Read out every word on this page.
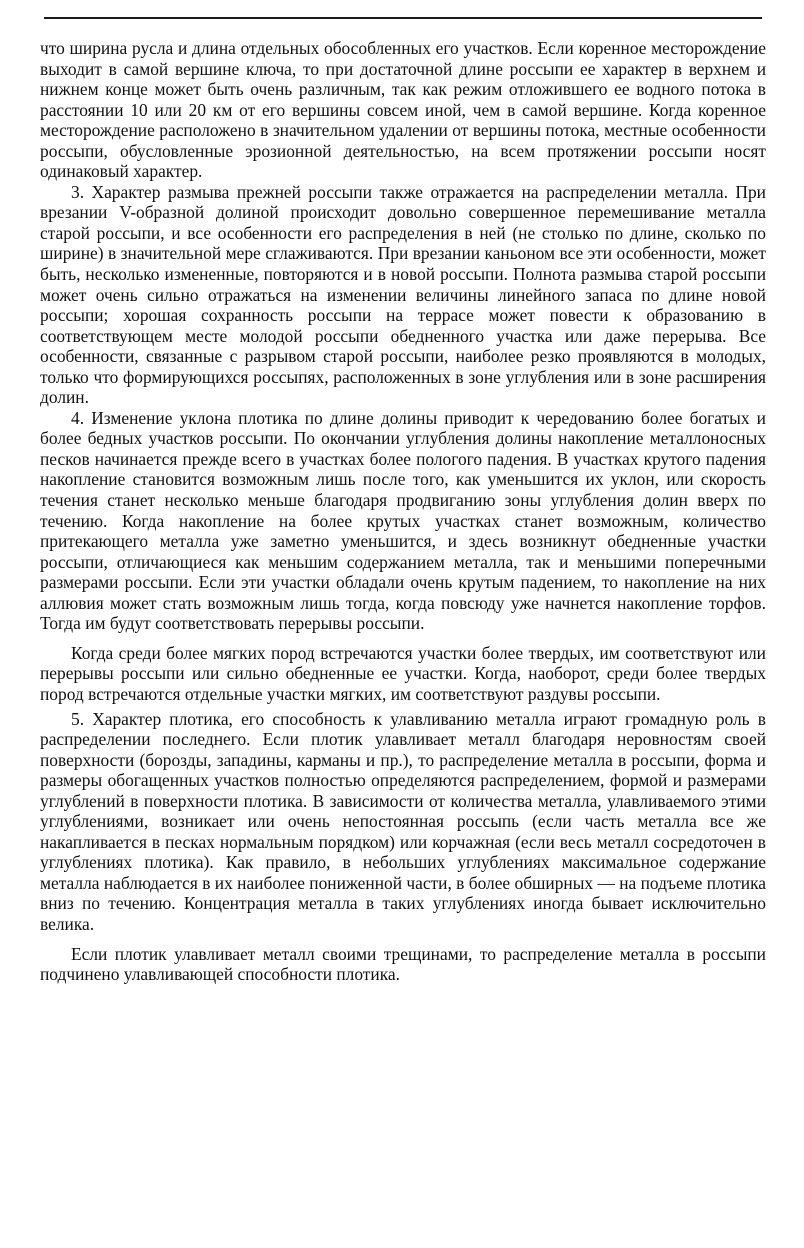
что ширина русла и длина отдельных обособленных его участков. Если коренное месторождение выходит в самой вершине ключа, то при достаточной длине россыпи ее характер в верхнем и нижнем конце может быть очень различным, так как режим отложившего ее водного потока в расстоянии 10 или 20 км от его вершины совсем иной, чем в самой вершине. Когда коренное месторождение расположено в значительном удалении от вершины потока, местные особенности россыпи, обусловленные эрозионной деятельностью, на всем протяжении россыпи носят одинаковый характер.

3. Характер размыва прежней россыпи также отражается на распределении металла. При врезании V-образной долиной происходит довольно совершенное перемешивание металла старой россыпи, и все особенности его распределения в ней (не столько по длине, сколько по ширине) в значительной мере сглаживаются. При врезании каньоном все эти особенности, может быть, несколько измененные, повторяются и в новой россыпи. Полнота размыва старой россыпи может очень сильно отражаться на изменении величины линейного запаса по длине новой россыпи; хорошая сохранность россыпи на террасе может повести к образованию в соответствующем месте молодой россыпи обедненного участка или даже перерыва. Все особенности, связанные с разрывом старой россыпи, наиболее резко проявляются в молодых, только что формирующихся россыпях, расположенных в зоне углубления или в зоне расширения долин.

4. Изменение уклона плотика по длине долины приводит к чередованию более богатых и более бедных участков россыпи. По окончании углубления долины накопление металлоносных песков начинается прежде всего в участках более пологого падения. В участках крутого падения накопление становится возможным лишь после того, как уменьшится их уклон, или скорость течения станет несколько меньше благодаря продвиганию зоны углубления долин вверх по течению. Когда накопление на более крутых участках станет возможным, количество притекающего металла уже заметно уменьшится, и здесь возникнут обедненные участки россыпи, отличающиеся как меньшим содержанием металла, так и меньшими поперечными размерами россыпи. Если эти участки обладали очень крутым падением, то накопление на них аллювия может стать возможным лишь тогда, когда повсюду уже начнется накопление торфов. Тогда им будут соответствовать перерывы россыпи.

Когда среди более мягких пород встречаются участки более твердых, им соответствуют или перерывы россыпи или сильно обедненные ее участки. Когда, наоборот, среди более твердых пород встречаются отдельные участки мягких, им соответствуют раздувы россыпи.

5. Характер плотика, его способность к улавливанию металла играют громадную роль в распределении последнего. Если плотик улавливает металл благодаря неровностям своей поверхности (борозды, западины, карманы и пр.), то распределение металла в россыпи, форма и размеры обогащенных участков полностью определяются распределением, формой и размерами углублений в поверхности плотика. В зависимости от количества металла, улавливаемого этими углублениями, возникает или очень непостоянная россыпь (если часть металла все же накапливается в песках нормальным порядком) или корчажная (если весь металл сосредоточен в углублениях плотика). Как правило, в небольших углублениях максимальное содержание металла наблюдается в их наиболее пониженной части, в более обширных — на подъеме плотика вниз по течению. Концентрация металла в таких углублениях иногда бывает исключительно велика.

Если плотик улавливает металл своими трещинами, то распределение металла в россыпи подчинено улавливающей способности плотика.
